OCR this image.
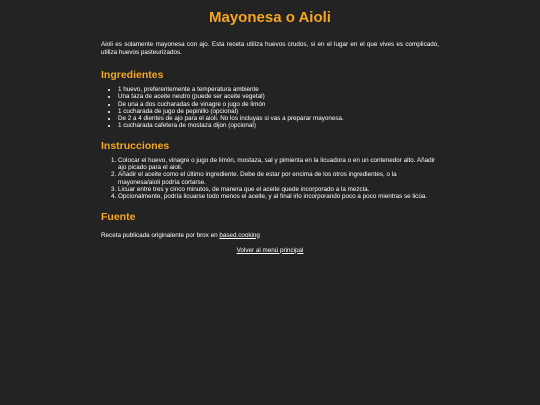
Mayonesa o Aioli

Aioli es solamente mayonesa con ajo. Esta receta utiliza huevos crudos, si en el lugar en el que vives es complicado, utiliza huevos pasteurizados.

Ingredientes
• 1 huevo, preferentemente a temperatura ambiente
• Una taza de aceite neutro (puede ser aceite vegetal)
• De una a dos cucharadas de vinagre o jugo de limón
• 1 cucharada de jugo de pepinillo (opcional)
• De 2 a 4 dientes de ajo para el aioli. No los incluyas si vas a preparar mayonesa.
• 1 cucharada cafetera de mostaza dijon (opcional)
Instrucciones
1. Colocar el huevo, vinagre o jugo de limón, mostaza, sal y pimienta en la licuadora o en un contenedor alto. Añadir ajo picado para el aioli.
2. Añadir el aceite como el último ingrediente. Debe de estar por encima de los otros ingredientes, o la mayonesa/aioli podría cortarse.
3. Licuar entre tres y cinco minutos, de manera que el aceite quede incorporado a la mezcla.
4. Opcionalmente, podría licuarse todo menos el aceite, y al final irlo incorporando poco a poco mientras se licúa.
Fuente

Receta publicada originalente por brox en based.cooking

Volver al menú principal
